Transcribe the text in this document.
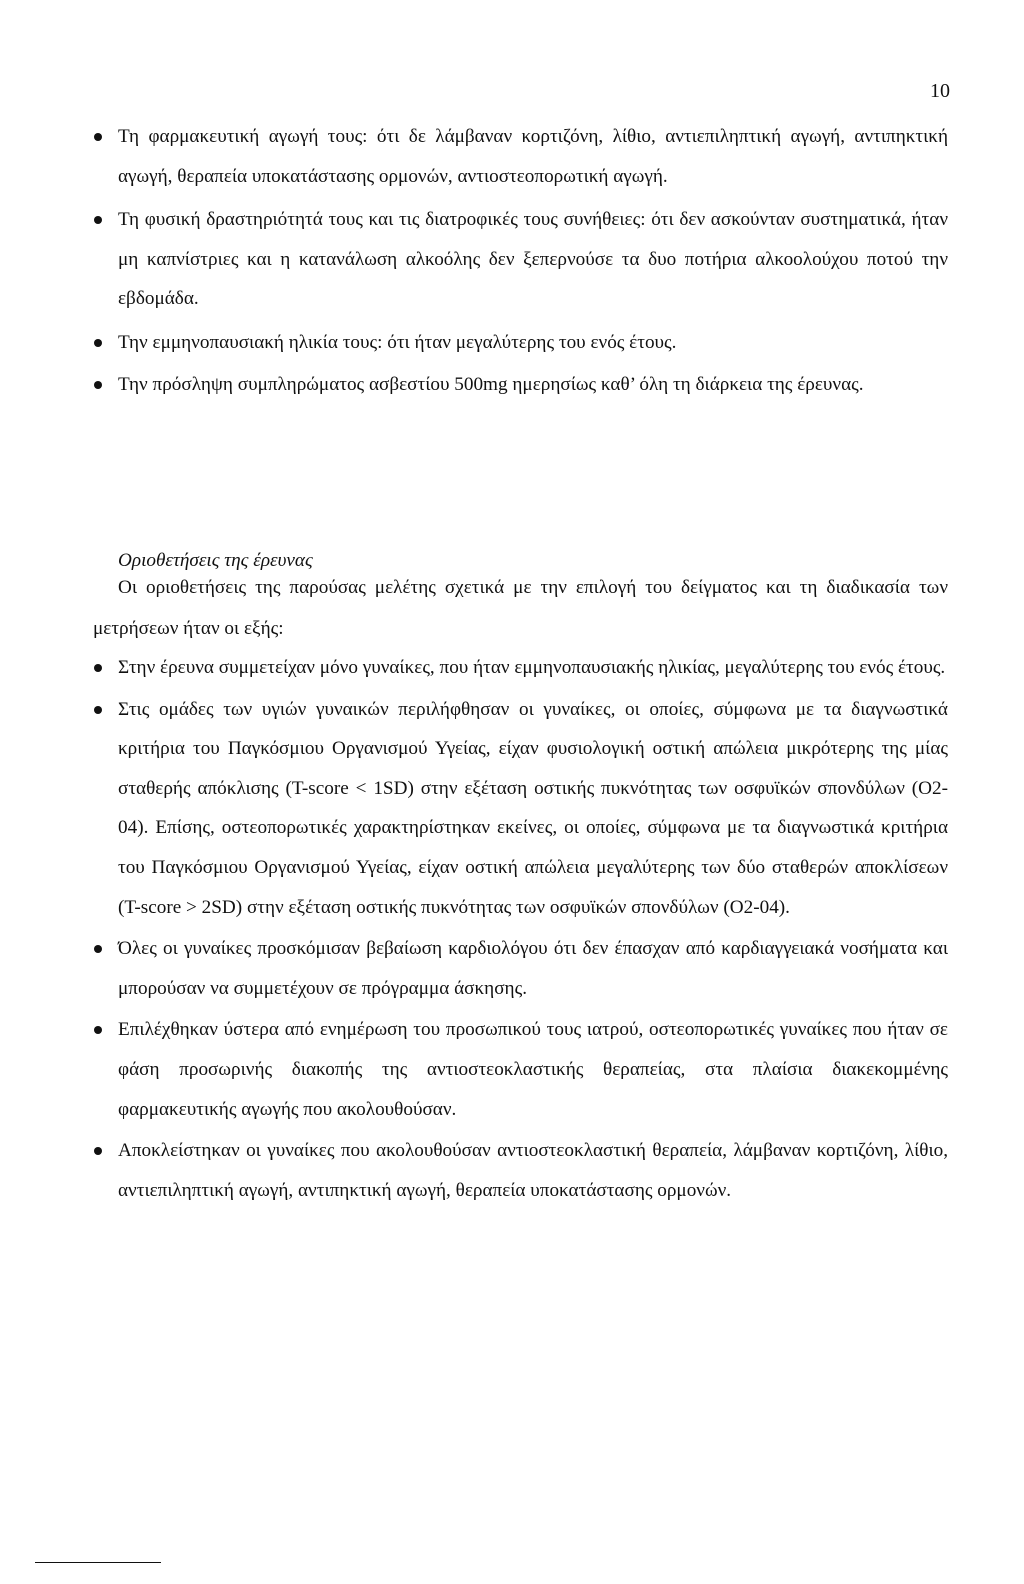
10
Τη φαρμακευτική αγωγή τους: ότι δε λάμβαναν κορτιζόνη, λίθιο, αντιεπιληπτική αγωγή, αντιπηκτική αγωγή, θεραπεία υποκατάστασης ορμονών, αντιοστεοπορωτική αγωγή.
Τη φυσική δραστηριότητά τους και τις διατροφικές τους συνήθειες: ότι δεν ασκούνταν συστηματικά, ήταν μη καπνίστριες και η κατανάλωση αλκοόλης δεν ξεπερνούσε τα δυο ποτήρια αλκοολούχου ποτού την εβδομάδα.
Την εμμηνοπαυσιακή ηλικία τους: ότι ήταν μεγαλύτερης του ενός έτους.
Την πρόσληψη συμπληρώματος ασβεστίου 500mg ημερησίως καθ’ όλη τη διάρκεια της έρευνας.
Οριοθετήσεις της έρευνας

Οι οριοθετήσεις της παρούσας μελέτης σχετικά με την επιλογή του δείγματος και τη διαδικασία των μετρήσεων ήταν οι εξής:

Στην έρευνα συμμετείχαν μόνο γυναίκες, που ήταν εμμηνοπαυσιακής ηλικίας, μεγαλύτερης του ενός έτους.
Στις ομάδες των υγιών γυναικών περιλήφθησαν οι γυναίκες, οι οποίες, σύμφωνα με τα διαγνωστικά κριτήρια του Παγκόσμιου Οργανισμού Υγείας, είχαν φυσιολογική οστική απώλεια μικρότερης της μίας σταθερής απόκλισης (T-score < 1SD) στην εξέταση οστικής πυκνότητας των οσφυϊκών σπονδύλων (Ο2-04). Επίσης, οστεοπορωτικές χαρακτηρίστηκαν εκείνες, οι οποίες, σύμφωνα με τα διαγνωστικά κριτήρια του Παγκόσμιου Οργανισμού Υγείας, είχαν οστική απώλεια μεγαλύτερης των δύο σταθερών αποκλίσεων (T-score > 2SD) στην εξέταση οστικής πυκνότητας των οσφυϊκών σπονδύλων (Ο2-04).
Όλες οι γυναίκες προσκόμισαν βεβαίωση καρδιολόγου ότι δεν έπασχαν από καρδιαγγειακά νοσήματα και μπορούσαν να συμμετέχουν σε πρόγραμμα άσκησης.
Επιλέχθηκαν ύστερα από ενημέρωση του προσωπικού τους ιατρού, οστεοπορωτικές γυναίκες που ήταν σε φάση προσωρινής διακοπής της αντιοστεοκλαστικής θεραπείας, στα πλαίσια διακεκομμένης φαρμακευτικής αγωγής που ακολουθούσαν.
Αποκλείστηκαν οι γυναίκες που ακολουθούσαν αντιοστεοκλαστική θεραπεία, λάμβαναν κορτιζόνη, λίθιο, αντιεπιληπτική αγωγή, αντιπηκτική αγωγή, θεραπεία υποκατάστασης ορμονών.
